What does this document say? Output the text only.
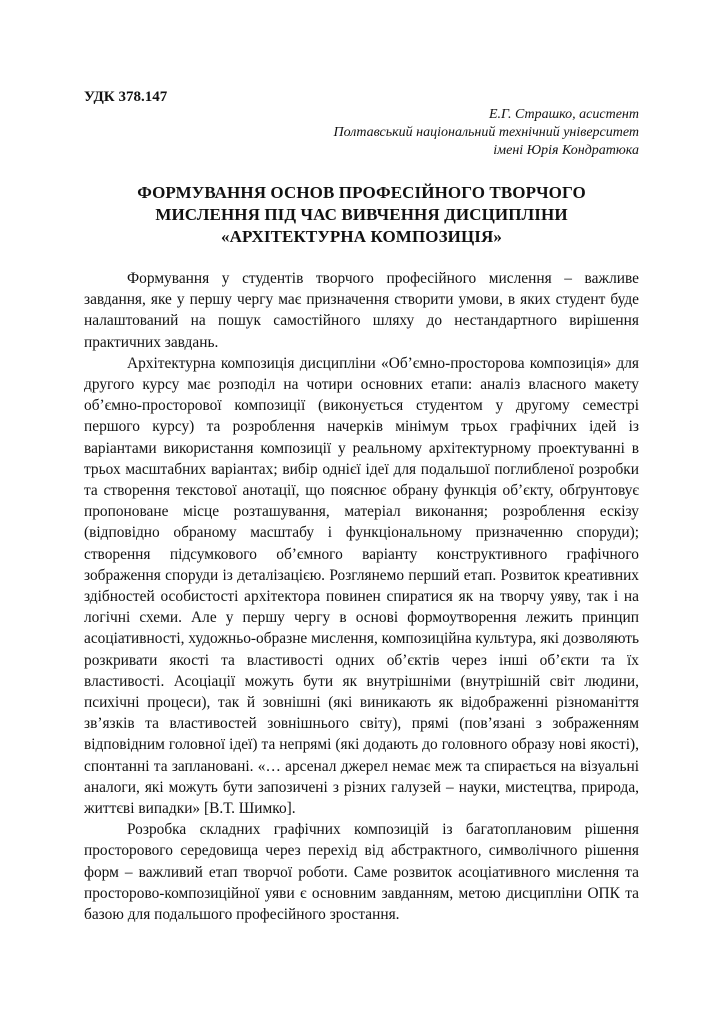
УДК 378.147

Е.Г. Страшко, асистент
Полтавський національний технічний університет
імені Юрія Кондратюка
ФОРМУВАННЯ ОСНОВ ПРОФЕСІЙНОГО ТВОРЧОГО
МИСЛЕННЯ ПІД ЧАС ВИВЧЕННЯ ДИСЦИПЛІНИ
«АРХІТЕКТУРНА КОМПОЗИЦІЯ»

Формування у студентів творчого професійного мислення – важливе завдання, яке у першу чергу має призначення створити умови, в яких студент буде налаштований на пошук самостійного шляху до нестандартного вирішення практичних завдань.

Архітектурна композиція дисципліни «Об’ємно-просторова композиція» для другого курсу має розподіл на чотири основних етапи: аналіз власного макету об’ємно-просторової композиції (виконується студентом у другому семестрі першого курсу) та розроблення начерків мінімум трьох графічних ідей із варіантами використання композиції у реальному архітектурному проектуванні в трьох масштабних варіантах; вибір однієї ідеї для подальшої поглибленої розробки та створення текстової анотації, що пояснює обрану функція об’єкту, обґрунтовує пропоноване місце розташування, матеріал виконання; розроблення ескізу (відповідно обраному масштабу і функціональному призначенню споруди); створення підсумкового об’ємного варіанту конструктивного графічного зображення споруди із деталізацією. Розглянемо перший етап. Розвиток креативних здібностей особистості архітектора повинен спиратися як на творчу уяву, так і на логічні схеми. Але у першу чергу в основі формоутворення лежить принцип асоціативності, художньо-образне мислення, композиційна культура, які дозволяють розкривати якості та властивості одних об’єктів через інші об’єкти та їх властивості. Асоціації можуть бути як внутрішніми (внутрішній світ людини, психічні процеси), так й зовнішні (які виникають як відображенні різноманіття зв’язків та властивостей зовнішнього світу), прямі (пов’язані з зображенням відповідним головної ідеї) та непрямі (які додають до головного образу нові якості), спонтанні та заплановані. «… арсенал джерел немає меж та спирається на візуальні аналоги, які можуть бути запозичені з різних галузей – науки, мистецтва, природа, життєві випадки» [В.Т. Шимко].

Розробка складних графічних композицій із багатоплановим рішення просторового середовища через перехід від абстрактного, символічного рішення форм – важливий етап творчої роботи. Саме розвиток асоціативного мислення та просторово-композиційної уяви є основним завданням, метою дисципліни ОПК та базою для подальшого професійного зростання.
